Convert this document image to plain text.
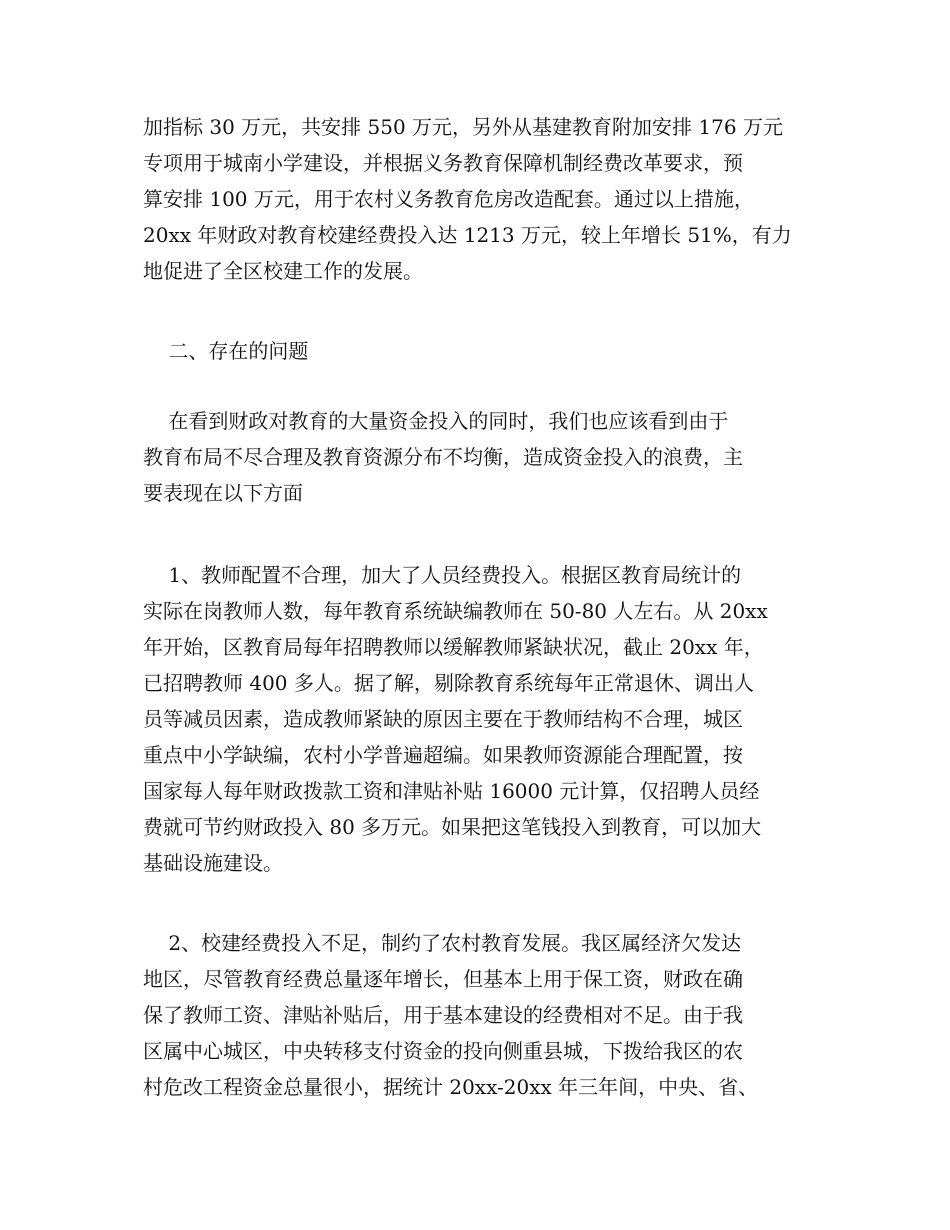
加指标 30 万元，共安排 550 万元，另外从基建教育附加安排 176 万元
专项用于城南小学建设，并根据义务教育保障机制经费改革要求，预
算安排 100 万元，用于农村义务教育危房改造配套。通过以上措施，
20xx 年财政对教育校建经费投入达 1213 万元，较上年增长 51%，有力
地促进了全区校建工作的发展。

二、存在的问题

在看到财政对教育的大量资金投入的同时，我们也应该看到由于
教育布局不尽合理及教育资源分布不均衡，造成资金投入的浪费，主
要表现在以下方面

1、教师配置不合理，加大了人员经费投入。根据区教育局统计的
实际在岗教师人数，每年教育系统缺编教师在 50-80 人左右。从 20xx
年开始，区教育局每年招聘教师以缓解教师紧缺状况，截止 20xx 年，
已招聘教师 400 多人。据了解，剔除教育系统每年正常退休、调出人
员等减员因素，造成教师紧缺的原因主要在于教师结构不合理，城区
重点中小学缺编，农村小学普遍超编。如果教师资源能合理配置，按
国家每人每年财政拨款工资和津贴补贴 16000 元计算，仅招聘人员经
费就可节约财政投入 80 多万元。如果把这笔钱投入到教育，可以加大
基础设施建设。

2、校建经费投入不足，制约了农村教育发展。我区属经济欠发达
地区，尽管教育经费总量逐年增长，但基本上用于保工资，财政在确
保了教师工资、津贴补贴后，用于基本建设的经费相对不足。由于我
区属中心城区，中央转移支付资金的投向侧重县城，下拨给我区的农
村危改工程资金总量很小，据统计 20xx-20xx 年三年间，中央、省、
